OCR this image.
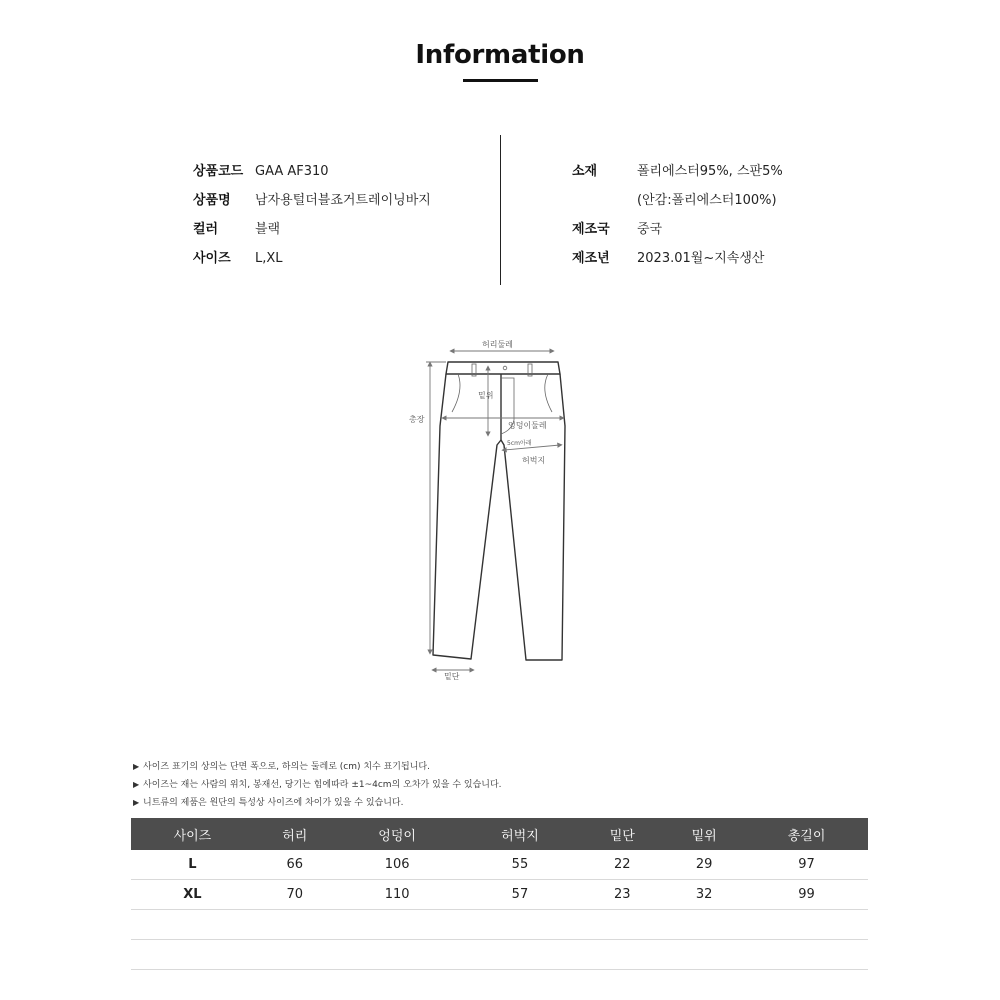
Information
상품코드 GAA AF310
상품명 남자용털더블죠거트레이닝바지
컬러	블랙
사이즈 L,XL
소재	폴리에스터95%, 스판5%
(안감:폴리에스터100%)
제조국 중국
제조년 2023.01월~지속생산
허리둘레
밑위
엉덩이둘레
5cm아래
허벅지
총장
밑단
▶ 사이즈 표기의 상의는 단면 폭으로, 하의는 둘레로 (cm) 치수 표기됩니다.
▶ 사이즈는 재는 사람의 위치, 봉재선, 당기는 힘에따라 ±1~4cm의 오차가 있을 수 있습니다.
▶ 니트류의 제품은 원단의 특성상 사이즈에 차이가 있을 수 있습니다.
사이즈	허리	엉덩이	허벅지	밑단	밑위	총길이
L	66	106	55	22	29	97
XL	70	110	57	23	32	99
